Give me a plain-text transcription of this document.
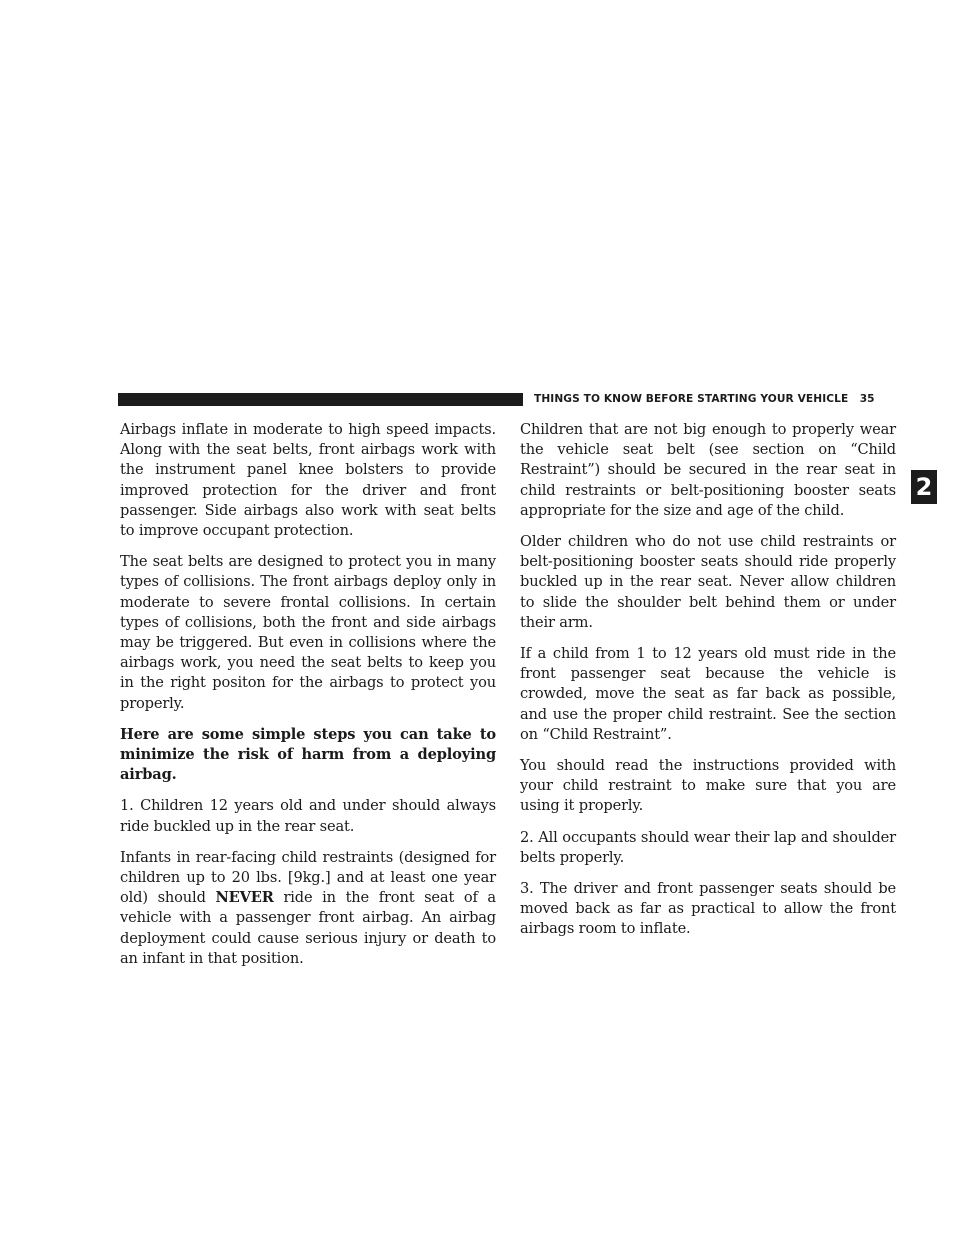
THINGS TO KNOW BEFORE STARTING YOUR VEHICLE 35
2

Airbags inflate in moderate to high speed impacts. Along with the seat belts, front airbags work with the instrument panel knee bolsters to provide improved protection for the driver and front passenger. Side airbags also work with seat belts to improve occupant protection.

The seat belts are designed to protect you in many types of collisions. The front airbags deploy only in moderate to severe frontal collisions. In certain types of collisions, both the front and side airbags may be triggered. But even in collisions where the airbags work, you need the seat belts to keep you in the right positon for the airbags to protect you properly.

Here are some simple steps you can take to minimize the risk of harm from a deploying airbag.

1. Children 12 years old and under should always ride buckled up in the rear seat.

Infants in rear-facing child restraints (designed for children up to 20 lbs. [9kg.] and at least one year old) should NEVER ride in the front seat of a vehicle with a passenger front airbag. An airbag deployment could cause serious injury or death to an infant in that position.

Children that are not big enough to properly wear the vehicle seat belt (see section on “Child Restraint”) should be secured in the rear seat in child restraints or belt-positioning booster seats appropriate for the size and age of the child.

Older children who do not use child restraints or belt-positioning booster seats should ride properly buckled up in the rear seat. Never allow children to slide the shoulder belt behind them or under their arm.

If a child from 1 to 12 years old must ride in the front passenger seat because the vehicle is crowded, move the seat as far back as possible, and use the proper child restraint. See the section on “Child Restraint”.

You should read the instructions provided with your child restraint to make sure that you are using it properly.

2. All occupants should wear their lap and shoulder belts properly.

3. The driver and front passenger seats should be moved back as far as practical to allow the front airbags room to inflate.
